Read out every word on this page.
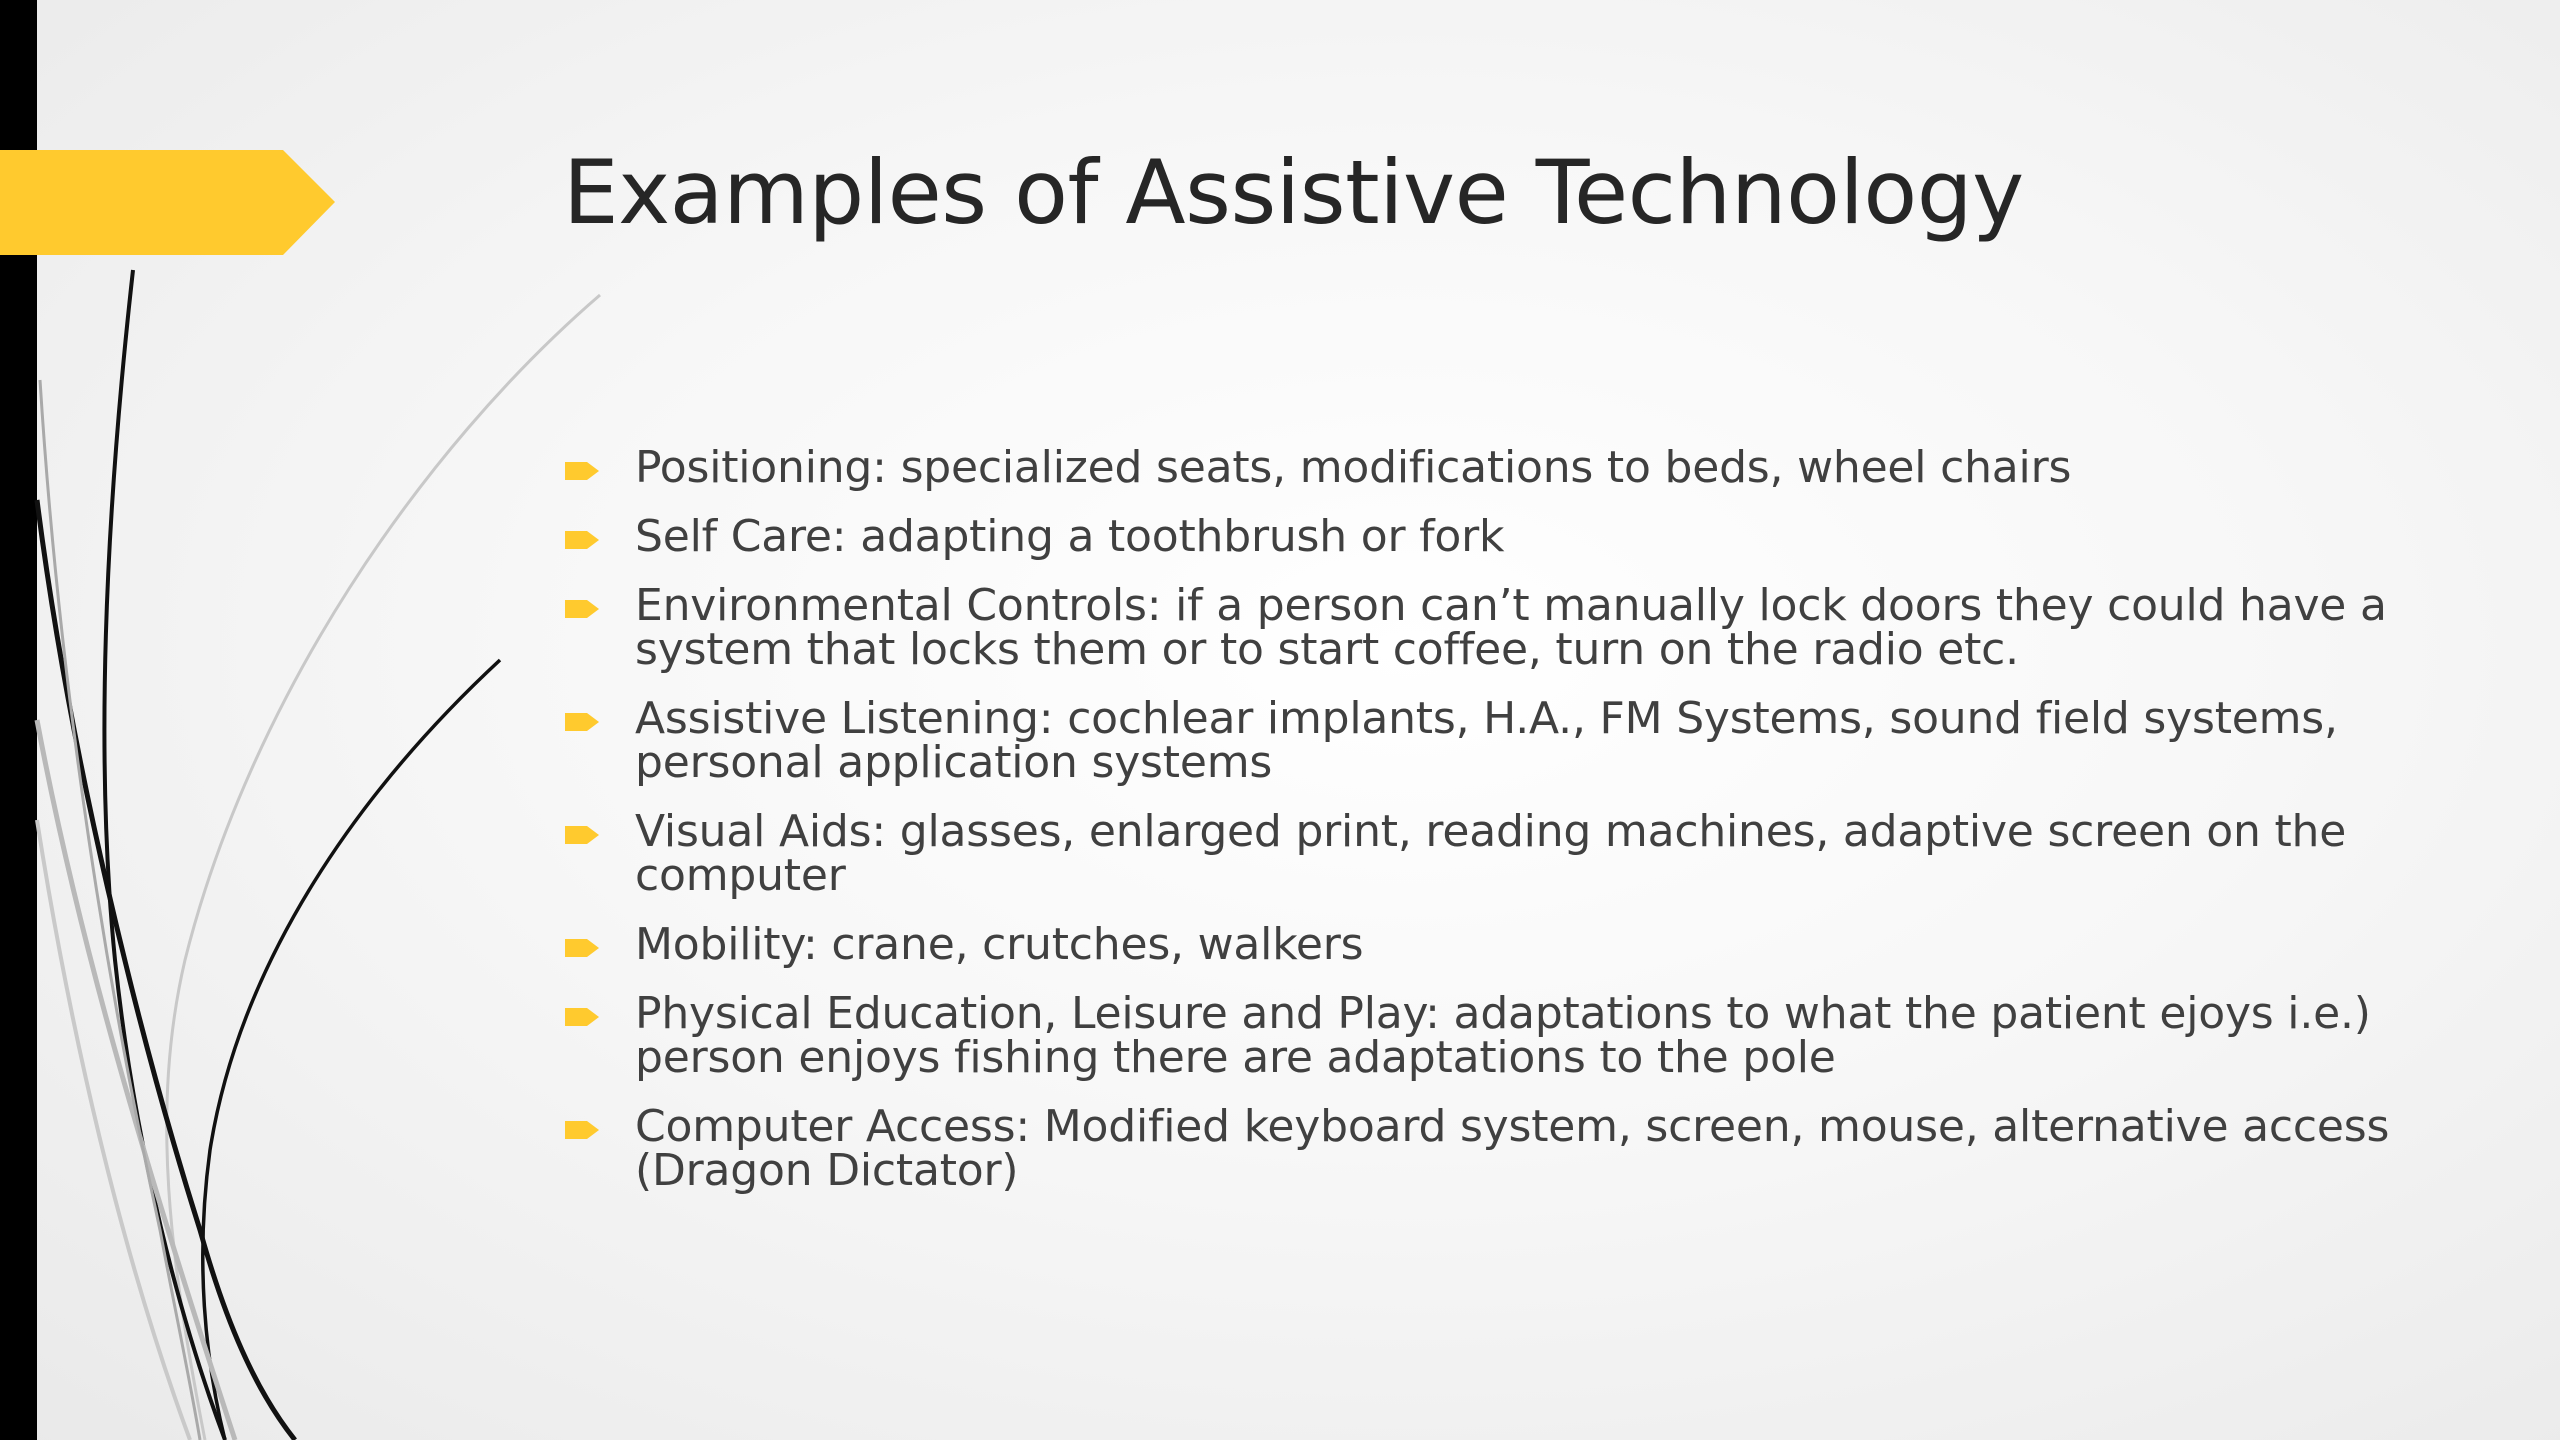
Examples of Assistive Technology
Positioning: specialized seats, modifications to beds, wheel chairs
Self Care: adapting a toothbrush or fork
Environmental Controls: if a person can’t manually lock doors they could have a system that locks them or to start coffee, turn on the radio etc.
Assistive Listening: cochlear implants, H.A., FM Systems, sound field systems, personal application systems
Visual Aids: glasses, enlarged print, reading machines, adaptive screen on the computer
Mobility: crane, crutches, walkers
Physical Education, Leisure and Play: adaptations to what the patient ejoys i.e.) person enjoys fishing there are adaptations to the pole
Computer Access: Modified keyboard system, screen, mouse, alternative access (Dragon Dictator)
